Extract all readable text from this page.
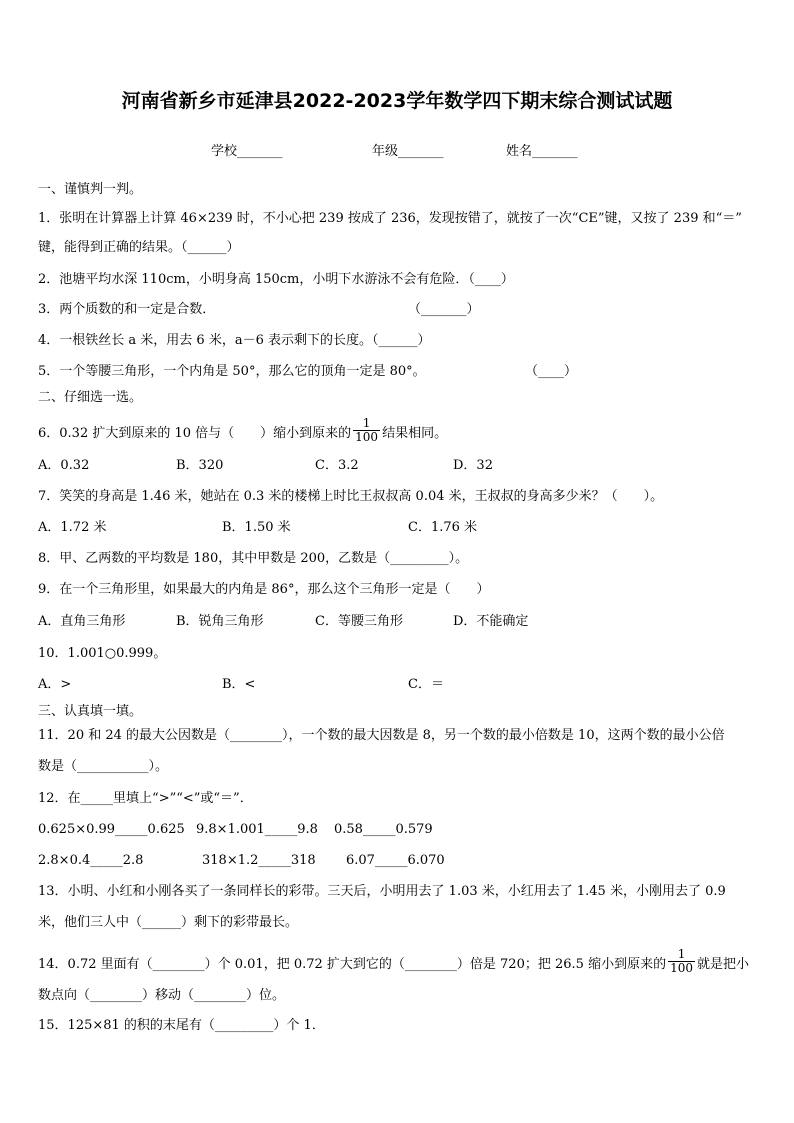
河南省新乡市延津县2022-2023学年数学四下期末综合测试试题
学校_______	年级_______	姓名_______
一、谨慎判一判。
1．张明在计算器上计算 46×239 时，不小心把 239 按成了 236，发现按错了，就按了一次“CE”键，又按了 239 和“＝”
键，能得到正确的结果。（______）
2．池塘平均水深 110cm，小明身高 150cm，小明下水游泳不会有危险．（____）
3．两个质数的和一定是合数．	（_______）
4．一根铁丝长 a 米，用去 6 米，a－6 表示剩下的长度。（______）
5．一个等腰三角形，一个内角是 50°，那么它的顶角一定是 80°。	（____）
二、仔细选一选。
6．0.32 扩大到原来的 10 倍与（　　）缩小到原来的 $\frac{1}{100}$ 结果相同。
A．0.32	B．320	C．3.2	D．32
7．笑笑的身高是 1.46 米，她站在 0.3 米的楼梯上时比王叔叔高 0.04 米，王叔叔的身高多少米？（　　）。
A．1.72 米	B．1.50 米	C．1.76 米
8．甲、乙两数的平均数是 180，其中甲数是 200，乙数是（_________）。
9．在一个三角形里，如果最大的内角是 86°，那么这个三角形一定是（　　）
A．直角三角形	B．锐角三角形	C．等腰三角形	D．不能确定
10．1.001○0.999。
A．>	B．<	C．＝
三、认真填一填。
11．20 和 24 的最大公因数是（________），一个数的最大因数是 8，另一个数的最小倍数是 10，这两个数的最小公倍
数是（___________）。
12．在_____里填上“>”“<”或“＝”．
0.625×0.99_____0.625 9.8×1.001_____9.8 0.58_____0.579
2.8×0.4_____2.8	318×1.2_____318 6.07_____6.070
13．小明、小红和小刚各买了一条同样长的彩带。三天后，小明用去了 1.03 米，小红用去了 1.45 米，小刚用去了 0.9
米，他们三人中（______）剩下的彩带最长。
14．0.72 里面有（________）个 0.01，把 0.72 扩大到它的（________）倍是 720；把 26.5 缩小到原来的 $\frac{1}{100}$ 就是把小
数点向（________）移动（________）位。
15．125×81 的积的末尾有（_________）个 1．
